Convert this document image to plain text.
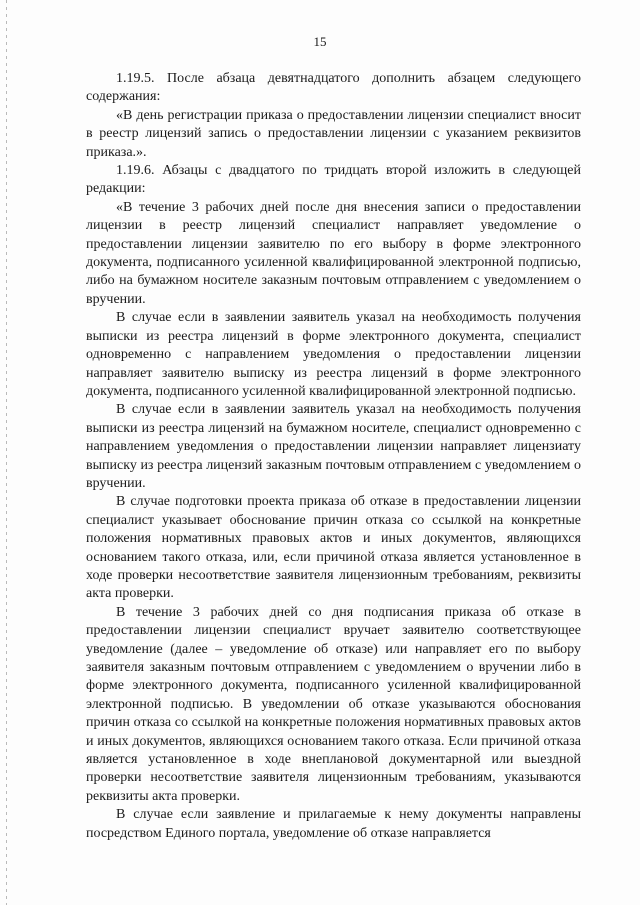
15

1.19.5. После абзаца девятнадцатого дополнить абзацем следующего содержания:

«В день регистрации приказа о предоставлении лицензии специалист вносит в реестр лицензий запись о предоставлении лицензии с указанием реквизитов приказа.».

1.19.6. Абзацы с двадцатого по тридцать второй изложить в следующей редакции:

«В течение 3 рабочих дней после дня внесения записи о предоставлении лицензии в реестр лицензий специалист направляет уведомление о предоставлении лицензии заявителю по его выбору в форме электронного документа, подписанного усиленной квалифицированной электронной подписью, либо на бумажном носителе заказным почтовым отправлением с уведомлением о вручении.

В случае если в заявлении заявитель указал на необходимость получения выписки из реестра лицензий в форме электронного документа, специалист одновременно с направлением уведомления о предоставлении лицензии направляет заявителю выписку из реестра лицензий в форме электронного документа, подписанного усиленной квалифицированной электронной подписью.

В случае если в заявлении заявитель указал на необходимость получения выписки из реестра лицензий на бумажном носителе, специалист одновременно с направлением уведомления о предоставлении лицензии направляет лицензиату выписку из реестра лицензий заказным почтовым отправлением с уведомлением о вручении.

В случае подготовки проекта приказа об отказе в предоставлении лицензии специалист указывает обоснование причин отказа со ссылкой на конкретные положения нормативных правовых актов и иных документов, являющихся основанием такого отказа, или, если причиной отказа является установленное в ходе проверки несоответствие заявителя лицензионным требованиям, реквизиты акта проверки.

В течение 3 рабочих дней со дня подписания приказа об отказе в предоставлении лицензии специалист вручает заявителю соответствующее уведомление (далее – уведомление об отказе) или направляет его по выбору заявителя заказным почтовым отправлением с уведомлением о вручении либо в форме электронного документа, подписанного усиленной квалифицированной электронной подписью. В уведомлении об отказе указываются обоснования причин отказа со ссылкой на конкретные положения нормативных правовых актов и иных документов, являющихся основанием такого отказа. Если причиной отказа является установленное в ходе внеплановой документарной или выездной проверки несоответствие заявителя лицензионным требованиям, указываются реквизиты акта проверки.

В случае если заявление и прилагаемые к нему документы направлены посредством Единого портала, уведомление об отказе направляется
